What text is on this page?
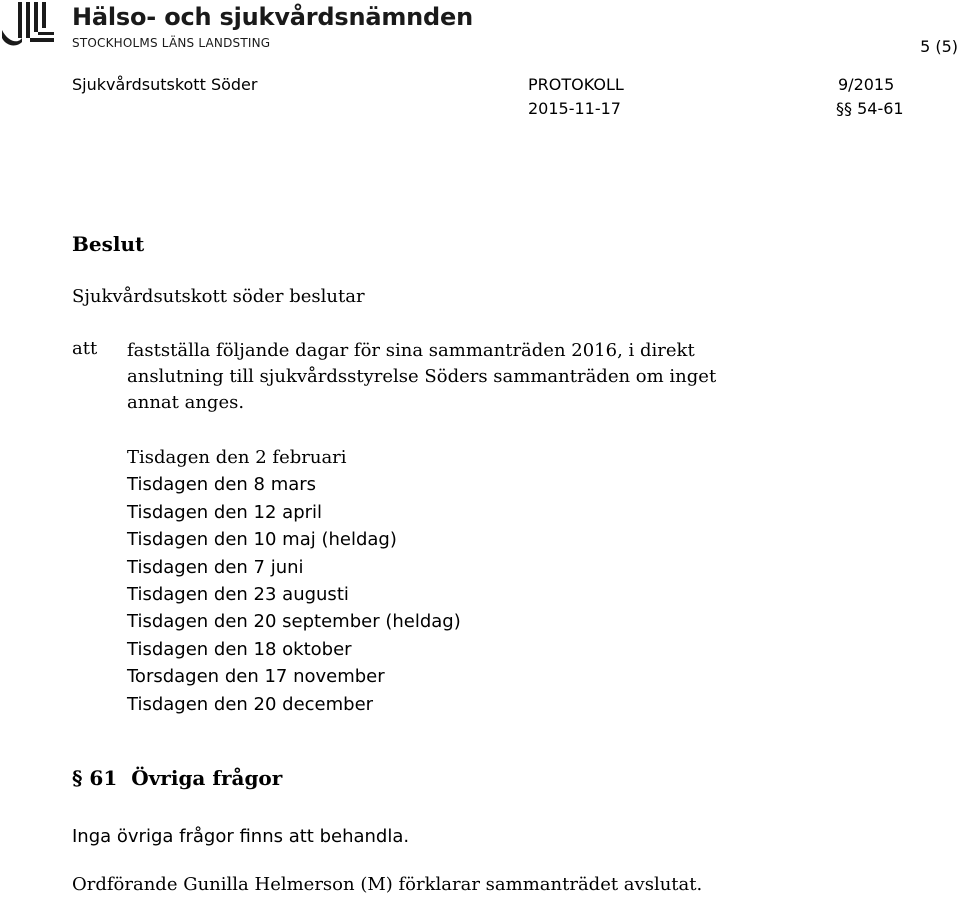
Hälso- och sjukvårdsnämnden
STOCKHOLMS LÄNS LANDSTING	5 (5)
Sjukvårdsutskott Söder	PROTOKOLL	9/2015
2015-11-17	§§ 54-61
Beslut
Sjukvårdsutskott söder beslutar
att fastställa följande dagar för sina sammanträden 2016, i direkt
anslutning till sjukvårdsstyrelse Söders sammanträden om inget
annat anges.
Tisdagen den 2 februari
Tisdagen den 8 mars
Tisdagen den 12 april
Tisdagen den 10 maj (heldag)
Tisdagen den 7 juni
Tisdagen den 23 augusti
Tisdagen den 20 september (heldag)
Tisdagen den 18 oktober
Torsdagen den 17 november
Tisdagen den 20 december
§ 61 Övriga frågor
Inga övriga frågor finns att behandla.
Ordförande Gunilla Helmerson (M) förklarar sammanträdet avslutat.
